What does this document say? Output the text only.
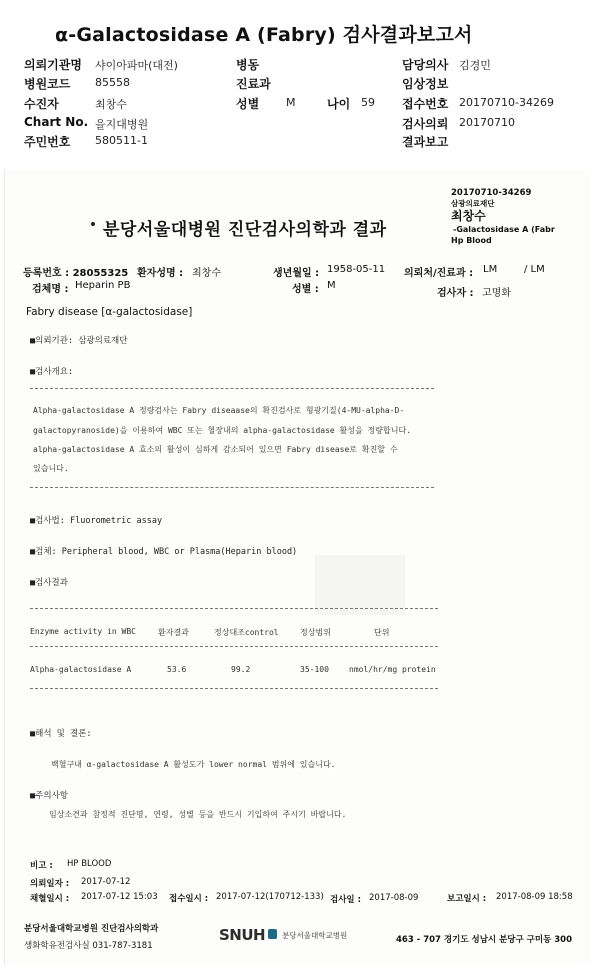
α-Galactosidase A (Fabry) 검사결과보고서
의뢰기관명 샤이아파마(대전)	병동	담당의사 김경민
병원코드 85558	진료과	임상정보
수진자	최창수	성별 M	나이 59 접수번호 20170710-34269
Chart No. 을지대병원	검사의뢰 20170710
주민번호 580511-1	결과보고
20170710-34269
삼광의료재단
최창수
-Galactosidase A (Fabr
Hp Blood
분당서울대병원 진단검사의학과 결과
등록번호 : 28055325 환자성명 : 최창수	생년월일 : 1958-05-11 의뢰처/진료과 : LM	/ LM
검체명 : Heparin PB	성별 : M
검사자 : 고명화
Fabry disease [α-galactosidase]
■의뢰기관: 삼광의료재단
■검사개요:
Alpha-galactosidase A 정량검사는 Fabry diseaase의 확진검사로 형광기질(4-MU-alpha-D-
galactopyranoside)을 이용하여 WBC 또는 혈장내의 alpha-galactosidase 활성을 정량합니다.
alpha-galactosidase A 효소의 활성이 심하게 감소되어 있으면 Fabry disease로 확진할 수
있습니다.
■검사법: Fluorometric assay
■검체: Peripheral blood, WBC or Plasma(Heparin blood)
■검사결과
Enzyme activity in WBC	환자결과	정상대조control	정상범위	단위
Alpha-galactosidase A	53.6	99.2	35-100	nmol/hr/mg protein
■해석 및 결론:
백혈구내 α-galactosidase A 활성도가 lower normal 범위에 있습니다.
■주의사항
임상소견과 참정적 진단명, 연령, 성별 등을 반드시 기입하여 주시기 바랍니다.
비고 : HP BLOOD
의뢰일자 : 2017-07-12
채혈일시 : 2017-07-12 15:03 접수일시 : 2017-07-12(170712-133) 검사일 : 2017-08-09	보고일시 : 2017-08-09 18:58
분당서울대학교병원 진단검사의학과
생화학유전검사실 031-787-3181
SNUH 분당서울대학교병원	463 - 707 경기도 성남시 분당구 구미동 300
